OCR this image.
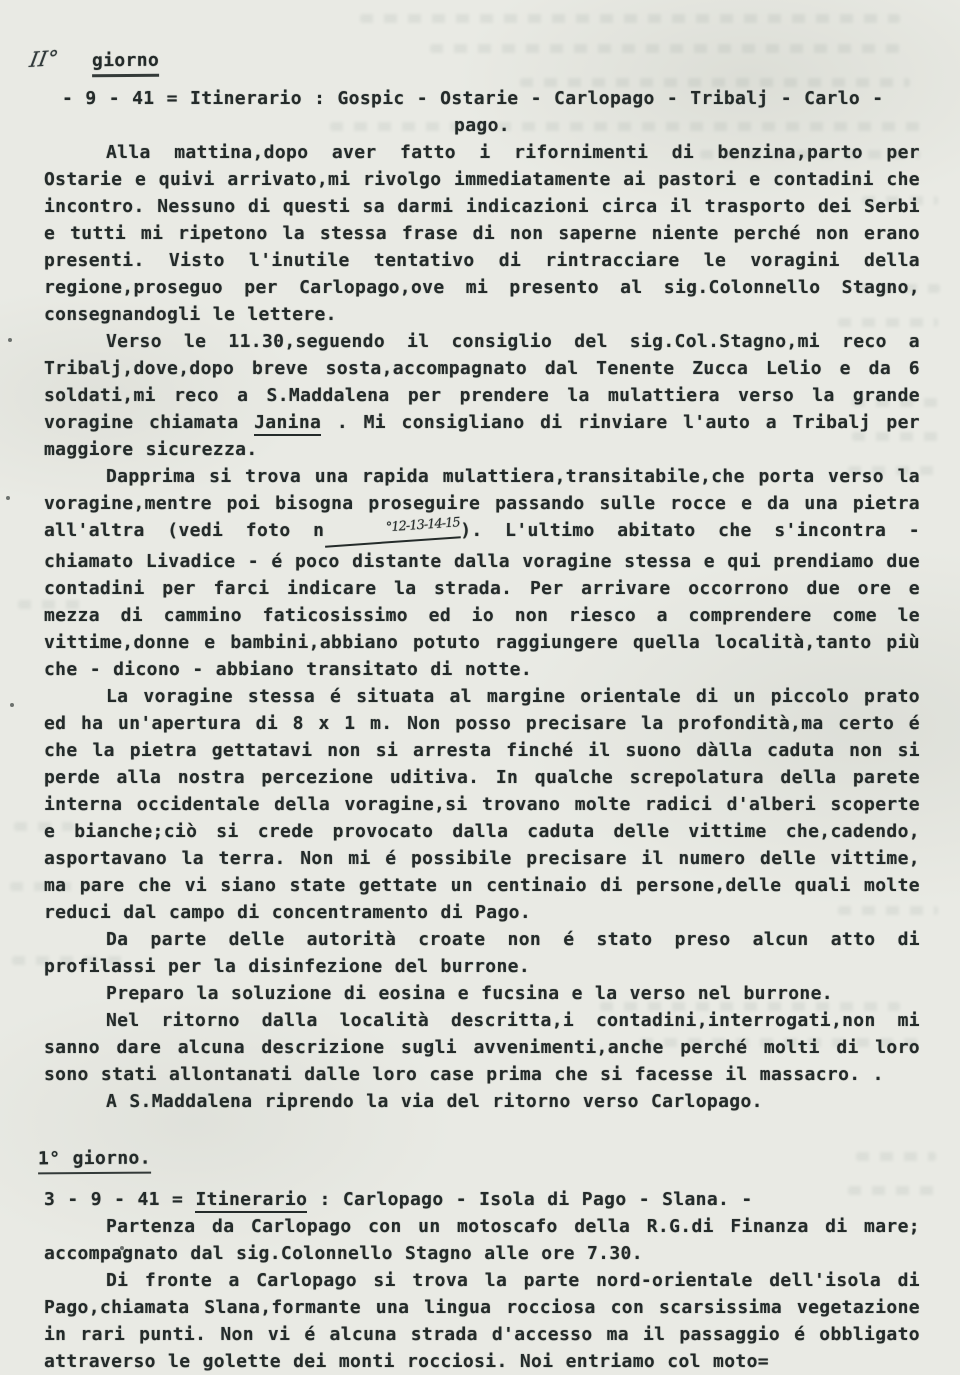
II° giorno

- 9 - 41 = Itinerario : Gospic - Ostarie - Carlopago - Tribalj - Carlo -

pago.

Alla mattina,dopo aver fatto i rifornimenti di benzina,parto per Ostarie e quivi arrivato,mi rivolgo immediatamente ai pastori e contadini che incontro. Nessuno di questi sa darmi indicazioni circa il trasporto dei Serbi e tutti mi ripetono la stessa frase di non saperne niente perché non erano presenti. Visto l'inutile tentativo di rintracciare le voragini della regione,proseguo per Carlopago,ove mi presento al sig.Colonnello Stagno, consegnandogli le lettere.

Verso le 11.30,seguendo il consiglio del sig.Col.Stagno,mi reco a Tribalj,dove,dopo breve sosta,accompagnato dal Tenente Zucca Lelio e da 6 soldati,mi reco a S.Maddalena per prendere la mulattiera verso la grande voragine chiamata Janina . Mi consigliano di rinviare l'auto a Tribalj per maggiore sicurezza.

Dapprima si trova una rapida mulattiera,transitabile,che porta verso la voragine,mentre poi bisogna proseguire passando sulle rocce e da una pietra all'altra (vedi foto n	°12-13-14-15). L'ultimo abitato che s'incontra - chiamato Livadice - é poco distante dalla voragine stessa e qui prendiamo due contadini per farci indicare la strada. Per arrivare occorrono due ore e mezza di cammino faticosissimo ed io non riesco a comprendere come le vittime,donne e bambini,abbiano potuto raggiungere quella località,tanto più che - dicono - abbiano transitato di notte.

La voragine stessa é situata al margine orientale di un piccolo prato ed ha un'apertura di 8 x 1 m. Non posso precisare la profondità,ma certo é che la pietra gettatavi non si arresta finché il suono dàlla caduta non si perde alla nostra percezione uditiva. In qualche screpolatura della parete interna occidentale della voragine,si trovano molte radici d'alberi scoperte e bianche;ciò si crede provocato dalla caduta delle vittime che,cadendo, asportavano la terra. Non mi é possibile precisare il numero delle vittime, ma pare che vi siano state gettate un centinaio di persone,delle quali molte reduci dal campo di concentramento di Pago.

Da parte delle autorità croate non é stato preso alcun atto di profilassi per la disinfezione del burrone.

Preparo la soluzione di eosina e fucsina e la verso nel burrone.

Nel ritorno dalla località descritta,i contadini,interrogati,non mi sanno dare alcuna descrizione sugli avvenimenti,anche perché molti di loro sono stati allontanati dalle loro case prima che si facesse il massacro. .

A S.Maddalena riprendo la via del ritorno verso Carlopago.

1° giorno.

3 - 9 - 41 = Itinerario : Carlopago - Isola di Pago - Slana. -

Partenza da Carlopago con un motoscafo della R.G.di Finanza di mare; accompagnato dal sig.Colonnello Stagno alle ore 7.30.

Di fronte a Carlopago si trova la parte nord-orientale dell'isola di Pago,chiamata Slana,formante una lingua rocciosa con scarsissima vegetazione in rari punti. Non vi é alcuna strada d'accesso ma il passaggio é obbligato attraverso le golette dei monti rocciosi. Noi entriamo col moto=
